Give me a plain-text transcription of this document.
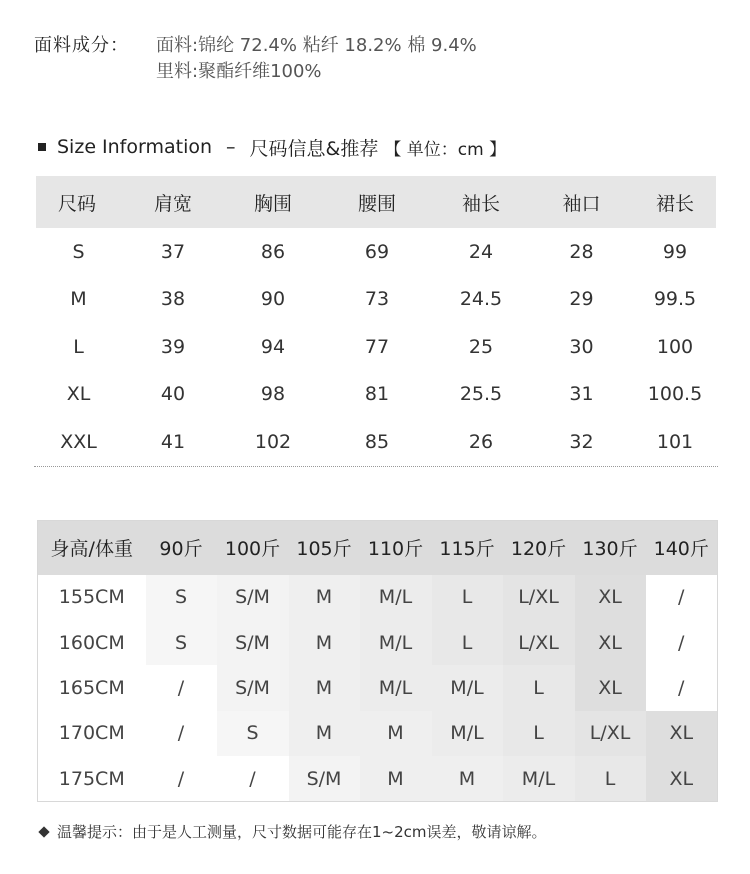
面料成分： 面料:锦纶 72.4% 粘纤 18.2% 棉 9.4%
里料:聚酯纤维100%
Size Information – 尺码信息&推荐 【 单位：cm 】
尺码	肩宽	胸围	腰围	袖长	袖口	裙长
S	37	86	69	24	28	99
M	38	90	73	24.5	29	99.5
L	39	94	77	25	30	100
XL	40	98	81	25.5	31	100.5
XXL	41	102	85	26	32	101
身高/体重	90斤	100斤	105斤	110斤	115斤	120斤	130斤	140斤
155CM	S	S/M	M	M/L	L	L/XL	XL	/
160CM	S	S/M	M	M/L	L	L/XL	XL	/
165CM	/	S/M	M	M/L	M/L	L	XL	/
170CM	/	S	M	M	M/L	L	L/XL	XL
175CM	/	/	S/M	M	M	M/L	L	XL
温馨提示：由于是人工测量，尺寸数据可能存在1~2cm误差，敬请谅解。
